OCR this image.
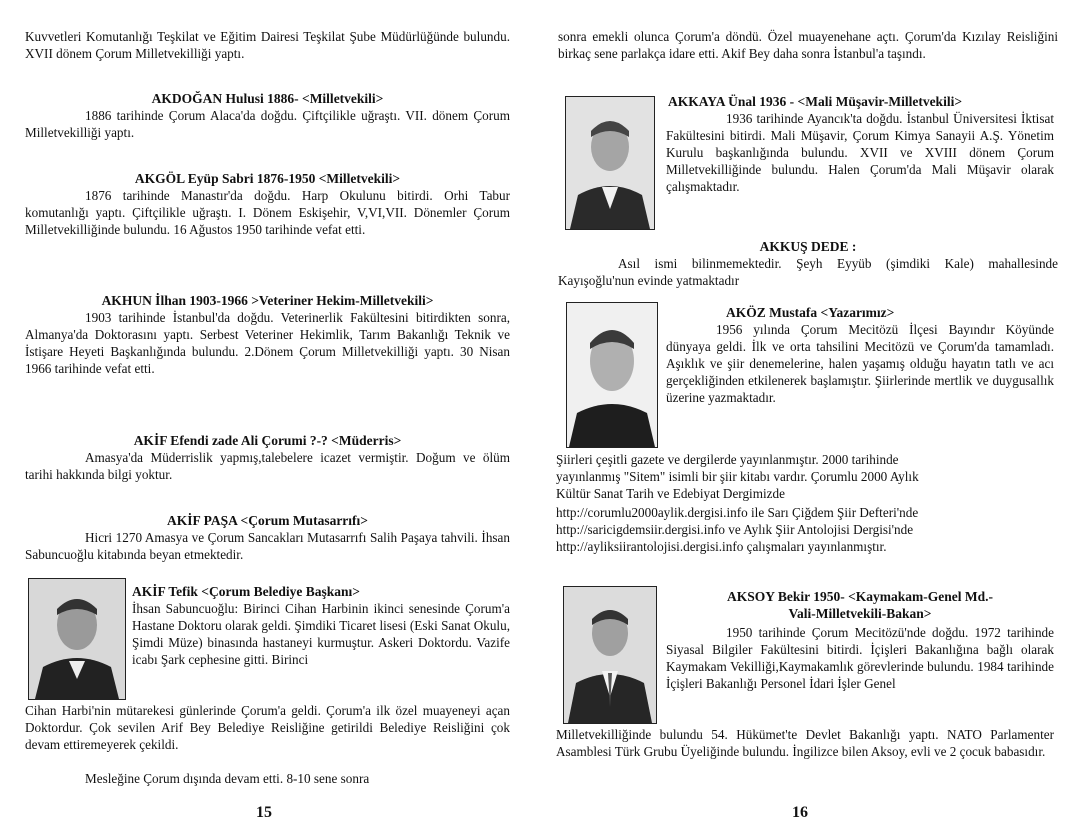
Kuvvetleri Komutanlığı Teşkilat ve Eğitim Dairesi Teşkilat Şube Müdürlüğünde bulundu. XVII dönem Çorum Milletvekilliği yaptı.
AKDOĞAN Hulusi 1886- <Milletvekili>
1886 tarihinde Çorum Alaca'da doğdu. Çiftçilikle uğraştı. VII. dönem Çorum Milletvekilliği yaptı.
AKGÖL Eyüp Sabri 1876-1950 <Milletvekili>
1876 tarihinde Manastır'da doğdu. Harp Okulunu bitirdi. Orhi Tabur komutanlığı yaptı. Çiftçilikle uğraştı. I. Dönem Eskişehir, V,VI,VII. Dönemler Çorum Milletvekilliğinde bulundu. 16 Ağustos 1950 tarihinde vefat etti.
AKHUN İlhan 1903-1966 >Veteriner Hekim-Milletvekili>
1903 tarihinde İstanbul'da doğdu. Veterinerlik Fakültesini bitirdikten sonra, Almanya'da Doktorasını yaptı. Serbest Veteriner Hekimlik, Tarım Bakanlığı Teknik ve İstişare Heyeti Başkanlığında bulundu. 2.Dönem Çorum Milletvekilliği yaptı. 30 Nisan 1966 tarihinde vefat etti.
AKİF Efendi zade Ali Çorumi ?-? <Müderris>
Amasya'da Müderrislik yapmış,talebelere icazet vermiştir. Doğum ve ölüm tarihi hakkında bilgi yoktur.
AKİF PAŞA <Çorum Mutasarrıfı>
Hicri 1270 Amasya ve Çorum Sancakları Mutasarrıfı Salih Paşaya tahvili. İhsan Sabuncuoğlu kitabında beyan etmektedir.
AKİF Tefik <Çorum Belediye Başkanı>
İhsan Sabuncuoğlu: Birinci Cihan Harbinin ikinci senesinde Çorum'a Hastane Doktoru olarak geldi. Şimdiki Ticaret lisesi (Eski Sanat Okulu, Şimdi Müze) binasında hastaneyi kurmuştur. Askeri Doktordu. Vazife icabı Şark cephesine gitti. Birinci
Cihan Harbi'nin mütarekesi günlerinde Çorum'a geldi. Çorum'a ilk özel muayeneyi açan Doktordur. Çok sevilen Arif Bey Belediye Reisliğine getirildi Belediye Reisliğini çok devam ettiremeyerek çekildi.
Mesleğine Çorum dışında devam etti. 8-10 sene sonra
15
sonra emekli olunca Çorum'a döndü. Özel muayenehane açtı. Çorum'da Kızılay Reisliğini birkaç sene parlakça idare etti. Akif Bey daha sonra İstanbul'a taşındı.
AKKAYA Ünal 1936 - <Mali Müşavir-Milletvekili>
1936 tarihinde Ayancık'ta doğdu. İstanbul Üniversitesi İktisat Fakültesini bitirdi. Mali Müşavir, Çorum Kimya Sanayii A.Ş. Yönetim Kurulu başkanlığında bulundu. XVII ve XVIII dönem Çorum Milletvekilliğinde bulundu. Halen Çorum'da Mali Müşavir olarak çalışmaktadır.
AKKUŞ DEDE :
Asıl ismi bilinmemektedir. Şeyh Eyyüb (şimdiki Kale) mahallesinde Kayışoğlu'nun evinde yatmaktadır
AKÖZ Mustafa <Yazarımız>
1956 yılında Çorum Mecitözü İlçesi Bayındır Köyünde dünyaya geldi. İlk ve orta tahsilini Mecitözü ve Çorum'da tamamladı. Aşıklık ve şiir denemelerine, halen yaşamış olduğu hayatın tatlı ve acı gerçekliğinden etkilenerek başlamıştır. Şiirlerinde mertlik ve duygusallık üzerine yazmaktadır.
Şiirleri çeşitli gazete ve dergilerde yayınlanmıştır. 2000 tarihinde
yayınlanmış "Sitem" isimli bir şiir kitabı vardır. Çorumlu 2000 Aylık
Kültür Sanat Tarih ve Edebiyat Dergimizde
http://corumlu2000aylik.dergisi.info ile Sarı Çiğdem Şiir Defteri'nde
http://saricigdemsiir.dergisi.info ve Aylık Şiir Antolojisi Dergisi'nde
http://ayliksiirantolojisi.dergisi.info çalışmaları yayınlanmıştır.
AKSOY Bekir 1950- <Kaymakam-Genel Md.-
Vali-Milletvekili-Bakan>
1950 tarihinde Çorum Mecitözü'nde doğdu. 1972 tarihinde Siyasal Bilgiler Fakültesini bitirdi. İçişleri Bakanlığına bağlı olarak Kaymakam Vekilliği,Kaymakamlık görevlerinde bulundu. 1984 tarihinde İçişleri Bakanlığı Personel İdari İşler Genel
Milletvekilliğinde bulundu 54. Hükümet'te Devlet Bakanlığı yaptı. NATO Parlamenter Asamblesi Türk Grubu Üyeliğinde bulundu. İngilizce bilen Aksoy, evli ve 2 çocuk babasıdır.
16
